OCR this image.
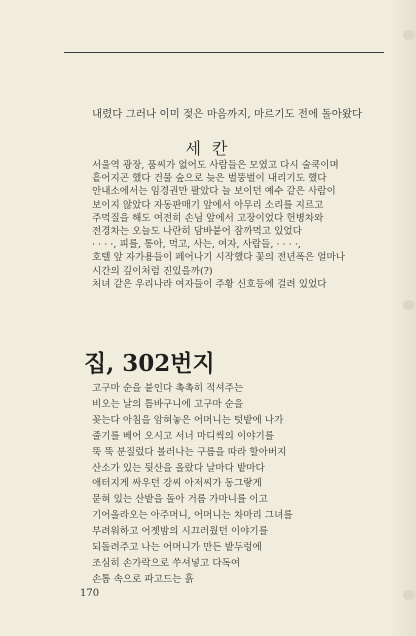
내렸다 그러나 이미 젖은 마음까지, 마르기도 전에 돌아왔다
세 칸
서울역 광장, 품씨가 없어도 사람들은 모였고 다시 술쿡이며
흩어지곤 했다 건물 숲으로 늦은 벌뚱벌이 내리기도 했다
안내소에서는 임경권만 팔았다 늘 보이던 예수 같은 사람이
보이지 않았다 자동판매기 앞에서 아무리 소리를 지르고
주먹질을 해도 여전히 손님 앞에서 고장이었다 헌병차와
전경차는 오늘도 나란히 담바붙어 잠까먹고 있었다
· · · ·, 피를, 통아, 먹고, 사는, 여자, 사람들, · · · ·,
호텔 앞 자가용들이 페어나기 시작했다 꽃의 전년폭은 얼마나
시간의 깊이처럼 진있을까(?)
처녀 같은 우리나라 여자들이 주황 신호등에 걸려 있었다
집, 302번지
고구마 순을 붙인다 촉촉히 적셔주는
비오는 날의 틈바구니에 고구마 순을
꽂는다 아침을 암혀놓은 어머니는 텃밭에 나가
줄기를 베어 오시고 서너 마디씩의 이야기를
뚝 뚝 분질렀다 볼러나는 구름을 따라 할아버지
산소가 있는 뒷산을 올랐다 날마다 밭마다
애터지게 싸우던 강씨 아저씨가 동그랗게
묻혀 있는 산밭을 돌아 거름 가마니를 이고
기어올라오는 아주머니, 어머니는 차마리 그녀를
부려워하고 어젯밤의 시끄러웠던 이야기를
되돌려주고 나는 어머니가 만든 밭두렁에
조심히 손가락으로 쑤셔넣고 다독여
손톱 속으로 파고드는 흙
170
